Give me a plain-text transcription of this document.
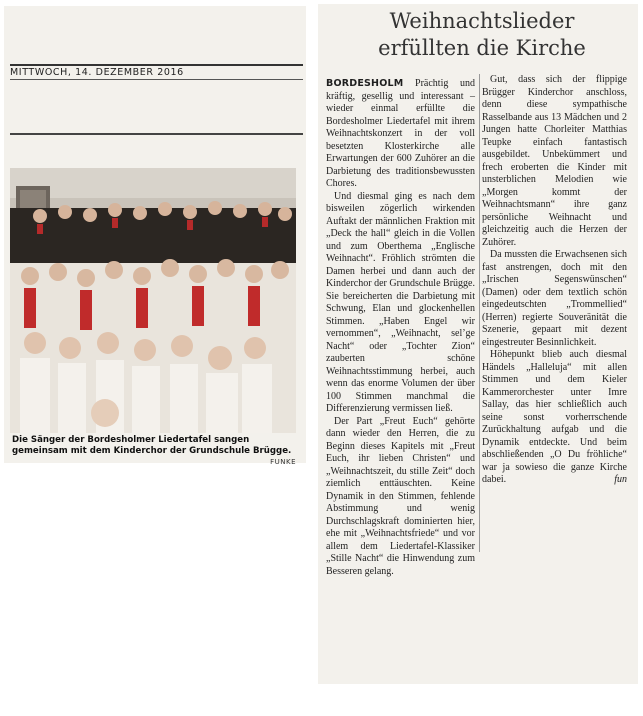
MITTWOCH, 14. DEZEMBER 2016
Die Sänger der Bordesholmer Liedertafel sangen gemeinsam mit dem Kinderchor der Grundschule Brügge.
FUNKE
Weihnachtslieder
erfüllten die Kirche

BORDESHOLM Prächtig und kräftig, gesellig und interessant – wieder einmal erfüllte die Bordesholmer Liedertafel mit ihrem Weihnachtskonzert in der voll besetzten Klosterkirche alle Erwartungen der 600 Zuhörer an die Darbietung des traditionsbewussten Chores.

Und diesmal ging es nach dem bisweilen zögerlich wirkenden Auftakt der männlichen Fraktion mit „Deck the hall“ gleich in die Vollen und zum Oberthema „Englische Weihnacht“. Fröhlich strömten die Damen herbei und dann auch der Kinderchor der Grundschule Brügge. Sie bereicherten die Darbietung mit Schwung, Elan und glockenhellen Stimmen. „Haben Engel wir vernommen“, „Weihnacht, sel’ge Nacht“ oder „Tochter Zion“ zauberten schöne Weihnachtsstimmung herbei, auch wenn das enorme Volumen der über 100 Stimmen manchmal die Differenzierung vermissen ließ.

Der Part „Freut Euch“ gehörte dann wieder den Herren, die zu Beginn dieses Kapitels mit „Freut Euch, ihr lieben Christen“ und „Weihnachtszeit, du stille Zeit“ doch ziemlich enttäuschten. Keine Dynamik in den Stimmen, fehlende Abstimmung und wenig Durchschlagskraft dominierten hier, ehe mit „Weihnachtsfriede“ und vor allem dem Liedertafel-Klassiker „Stille Nacht“ die Hinwendung zum Besseren gelang.

Gut, dass sich der flippige Brügger Kinderchor anschloss, denn diese sympathische Rasselbande aus 13 Mädchen und 2 Jungen hatte Chorleiter Matthias Teupke einfach fantastisch ausgebildet. Unbekümmert und frech eroberten die Kinder mit unsterblichen Melodien wie „Morgen kommt der Weihnachtsmann“ ihre ganz persönliche Weihnacht und gleichzeitig auch die Herzen der Zuhörer.

Da mussten die Erwachsenen sich fast anstrengen, doch mit den „Irischen Segenswünschen“ (Damen) oder dem textlich schön eingedeutschten „Trommellied“ (Herren) regierte Souveränität die Szenerie, gepaart mit dezent eingestreuter Besinnlichkeit.

Höhepunkt blieb auch diesmal Händels „Halleluja“ mit allen Stimmen und dem Kieler Kammerorchester unter Imre Sallay, das hier schließlich auch seine sonst vorherrschende Zurückhaltung aufgab und die Dynamik entdeckte. Und beim abschließenden „O Du fröhliche“ war ja sowieso die ganze Kirche dabei.	fun
